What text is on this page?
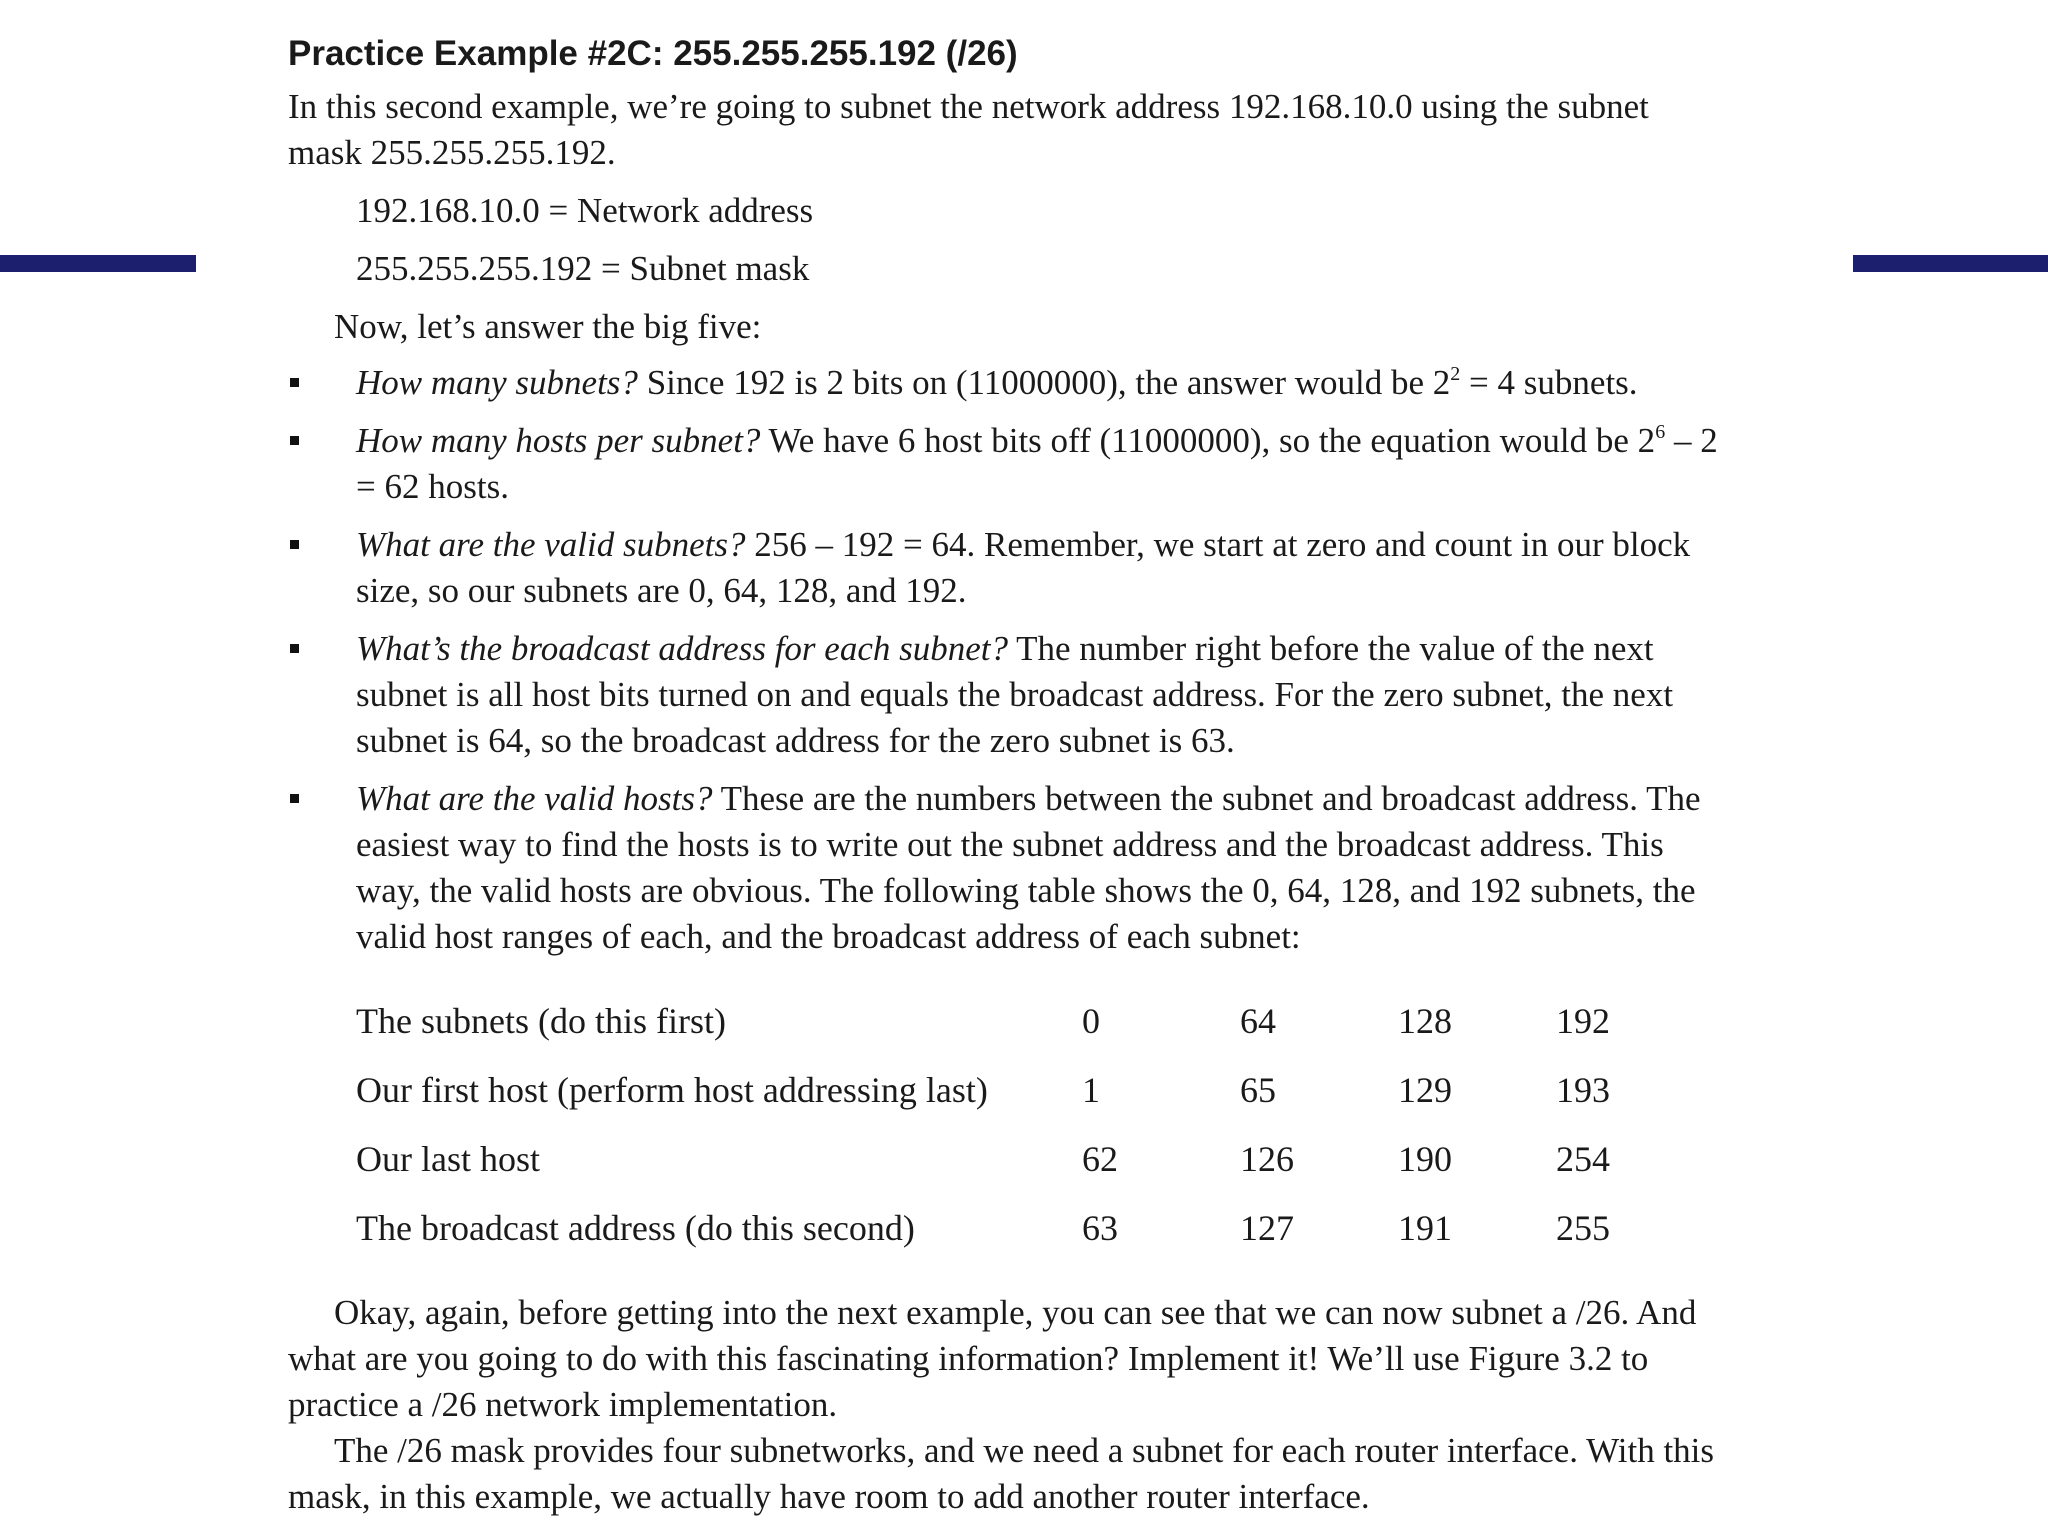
Practice Example #2C: 255.255.255.192 (/26)

In this second example, we’re going to subnet the network address 192.168.10.0 using the subnet mask 255.255.255.192.

192.168.10.0 = Network address

255.255.255.192 = Subnet mask

Now, let’s answer the big five:

How many subnets? Since 192 is 2 bits on (11000000), the answer would be $2^2 = 4$ subnets.
How many hosts per subnet? We have 6 host bits off (11000000), so the equation would be $2^6 - 2 = 62$ hosts.
What are the valid subnets? 256 – 192 = 64. Remember, we start at zero and count in our block size, so our subnets are 0, 64, 128, and 192.
What’s the broadcast address for each subnet? The number right before the value of the next subnet is all host bits turned on and equals the broadcast address. For the zero subnet, the next subnet is 64, so the broadcast address for the zero subnet is 63.
What are the valid hosts? These are the numbers between the subnet and broadcast address. The easiest way to find the hosts is to write out the subnet address and the broadcast address. This way, the valid hosts are obvious. The following table shows the 0, 64, 128, and 192 subnets, the valid host ranges of each, and the broadcast address of each subnet:
The subnets (do this first)	0	64	128	192
Our first host (perform host addressing last)	1	65	129	193
Our last host	62	126	190	254
The broadcast address (do this second)	63	127	191	255

Okay, again, before getting into the next example, you can see that we can now subnet a /26. And what are you going to do with this fascinating information? Implement it! We’ll use Figure 3.2 to practice a /26 network implementation.

The /26 mask provides four subnetworks, and we need a subnet for each router interface. With this mask, in this example, we actually have room to add another router interface.
